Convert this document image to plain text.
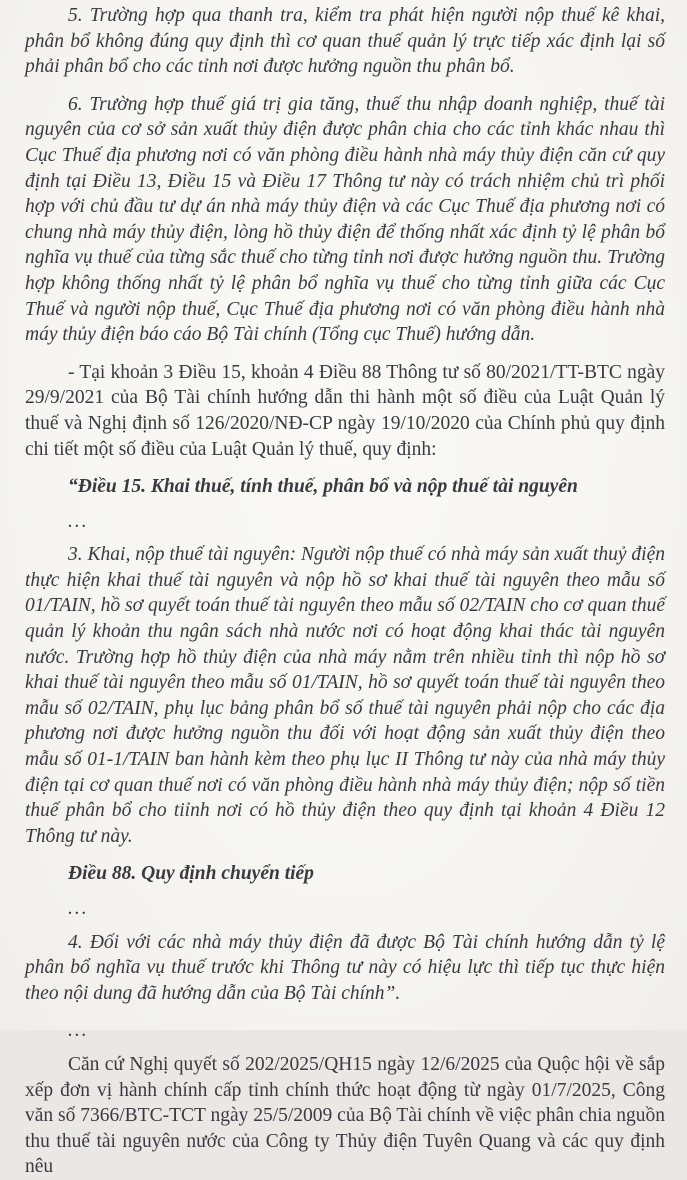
5. Trường hợp qua thanh tra, kiểm tra phát hiện người nộp thuế kê khai, phân bổ không đúng quy định thì cơ quan thuế quản lý trực tiếp xác định lại số phải phân bổ cho các tỉnh nơi được hưởng nguồn thu phân bổ.

6. Trường hợp thuế giá trị gia tăng, thuế thu nhập doanh nghiệp, thuế tài nguyên của cơ sở sản xuất thủy điện được phân chia cho các tỉnh khác nhau thì Cục Thuế địa phương nơi có văn phòng điều hành nhà máy thủy điện căn cứ quy định tại Điều 13, Điều 15 và Điều 17 Thông tư này có trách nhiệm chủ trì phối hợp với chủ đầu tư dự án nhà máy thủy điện và các Cục Thuế địa phương nơi có chung nhà máy thủy điện, lòng hồ thủy điện để thống nhất xác định tỷ lệ phân bổ nghĩa vụ thuế của từng sắc thuế cho từng tỉnh nơi được hưởng nguồn thu. Trường hợp không thống nhất tỷ lệ phân bổ nghĩa vụ thuế cho từng tỉnh giữa các Cục Thuế và người nộp thuế, Cục Thuế địa phương nơi có văn phòng điều hành nhà máy thủy điện báo cáo Bộ Tài chính (Tổng cục Thuế) hướng dẫn.

- Tại khoản 3 Điều 15, khoản 4 Điều 88 Thông tư số 80/2021/TT-BTC ngày 29/9/2021 của Bộ Tài chính hướng dẫn thi hành một số điều của Luật Quản lý thuế và Nghị định số 126/2020/NĐ-CP ngày 19/10/2020 của Chính phủ quy định chi tiết một số điều của Luật Quản lý thuế, quy định:

“Điều 15. Khai thuế, tính thuế, phân bổ và nộp thuế tài nguyên

...

3. Khai, nộp thuế tài nguyên: Người nộp thuế có nhà máy sản xuất thuỷ điện thực hiện khai thuế tài nguyên và nộp hồ sơ khai thuế tài nguyên theo mẫu số 01/TAIN, hồ sơ quyết toán thuế tài nguyên theo mẫu số 02/TAIN cho cơ quan thuế quản lý khoản thu ngân sách nhà nước nơi có hoạt động khai thác tài nguyên nước. Trường hợp hồ thủy điện của nhà máy nằm trên nhiều tỉnh thì nộp hồ sơ khai thuế tài nguyên theo mẫu số 01/TAIN, hồ sơ quyết toán thuế tài nguyên theo mẫu số 02/TAIN, phụ lục bảng phân bổ số thuế tài nguyên phải nộp cho các địa phương nơi được hưởng nguồn thu đối với hoạt động sản xuất thủy điện theo mẫu số 01-1/TAIN ban hành kèm theo phụ lục II Thông tư này của nhà máy thủy điện tại cơ quan thuế nơi có văn phòng điều hành nhà máy thủy điện; nộp số tiền thuế phân bổ cho tiỉnh nơi có hồ thủy điện theo quy định tại khoản 4 Điều 12 Thông tư này.

Điều 88. Quy định chuyển tiếp

...

4. Đối với các nhà máy thủy điện đã được Bộ Tài chính hướng dẫn tỷ lệ phân bổ nghĩa vụ thuế trước khi Thông tư này có hiệu lực thì tiếp tục thực hiện theo nội dung đã hướng dẫn của Bộ Tài chính”.

...

Căn cứ Nghị quyết số 202/2025/QH15 ngày 12/6/2025 của Quộc hội về sắp xếp đơn vị hành chính cấp tỉnh chính thức hoạt động từ ngày 01/7/2025, Công văn số 7366/BTC-TCT ngày 25/5/2009 của Bộ Tài chính về việc phân chia nguồn thu thuế tài nguyên nước của Công ty Thủy điện Tuyên Quang và các quy định nêu
